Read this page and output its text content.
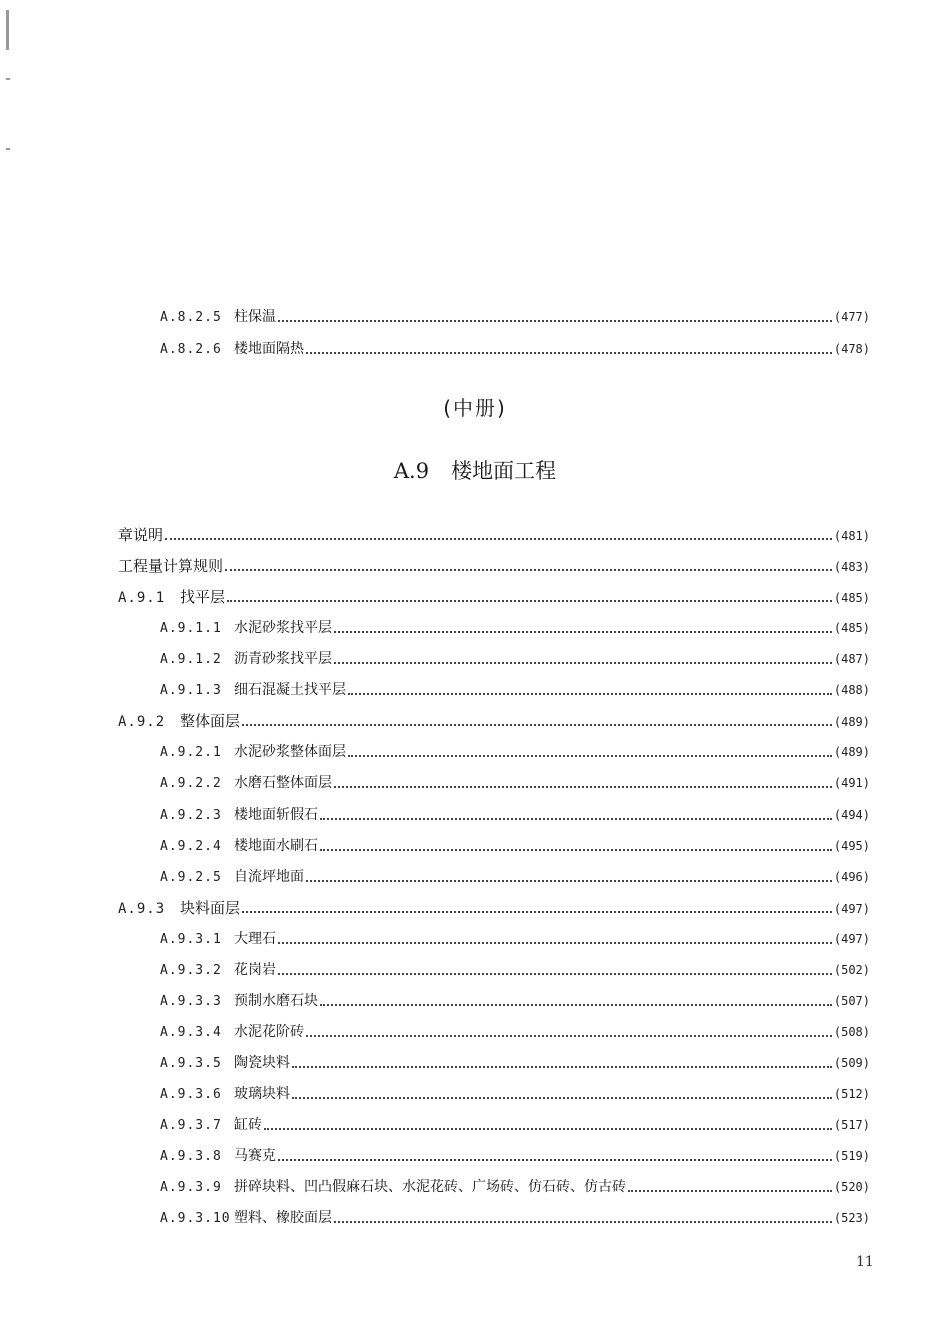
A.8.2.5 柱保温	(477)
A.8.2.6 楼地面隔热	(478)
(中册)
A.9 楼地面工程
章说明	(481)
工程量计算规则	(483)
A.9.1 找平层	(485)
A.9.1.1 水泥砂浆找平层	(485)
A.9.1.2 沥青砂浆找平层	(487)
A.9.1.3 细石混凝土找平层	(488)
A.9.2 整体面层	(489)
A.9.2.1 水泥砂浆整体面层	(489)
A.9.2.2 水磨石整体面层	(491)
A.9.2.3 楼地面斩假石	(494)
A.9.2.4 楼地面水刷石	(495)
A.9.2.5 自流坪地面	(496)
A.9.3 块料面层	(497)
A.9.3.1 大理石	(497)
A.9.3.2 花岗岩	(502)
A.9.3.3 预制水磨石块	(507)
A.9.3.4 水泥花阶砖	(508)
A.9.3.5 陶瓷块料	(509)
A.9.3.6 玻璃块料	(512)
A.9.3.7 缸砖	(517)
A.9.3.8 马赛克	(519)
A.9.3.9 拼碎块料、凹凸假麻石块、水泥花砖、广场砖、仿石砖、仿古砖	(520)
A.9.3.10 塑料、橡胶面层	(523)
11
